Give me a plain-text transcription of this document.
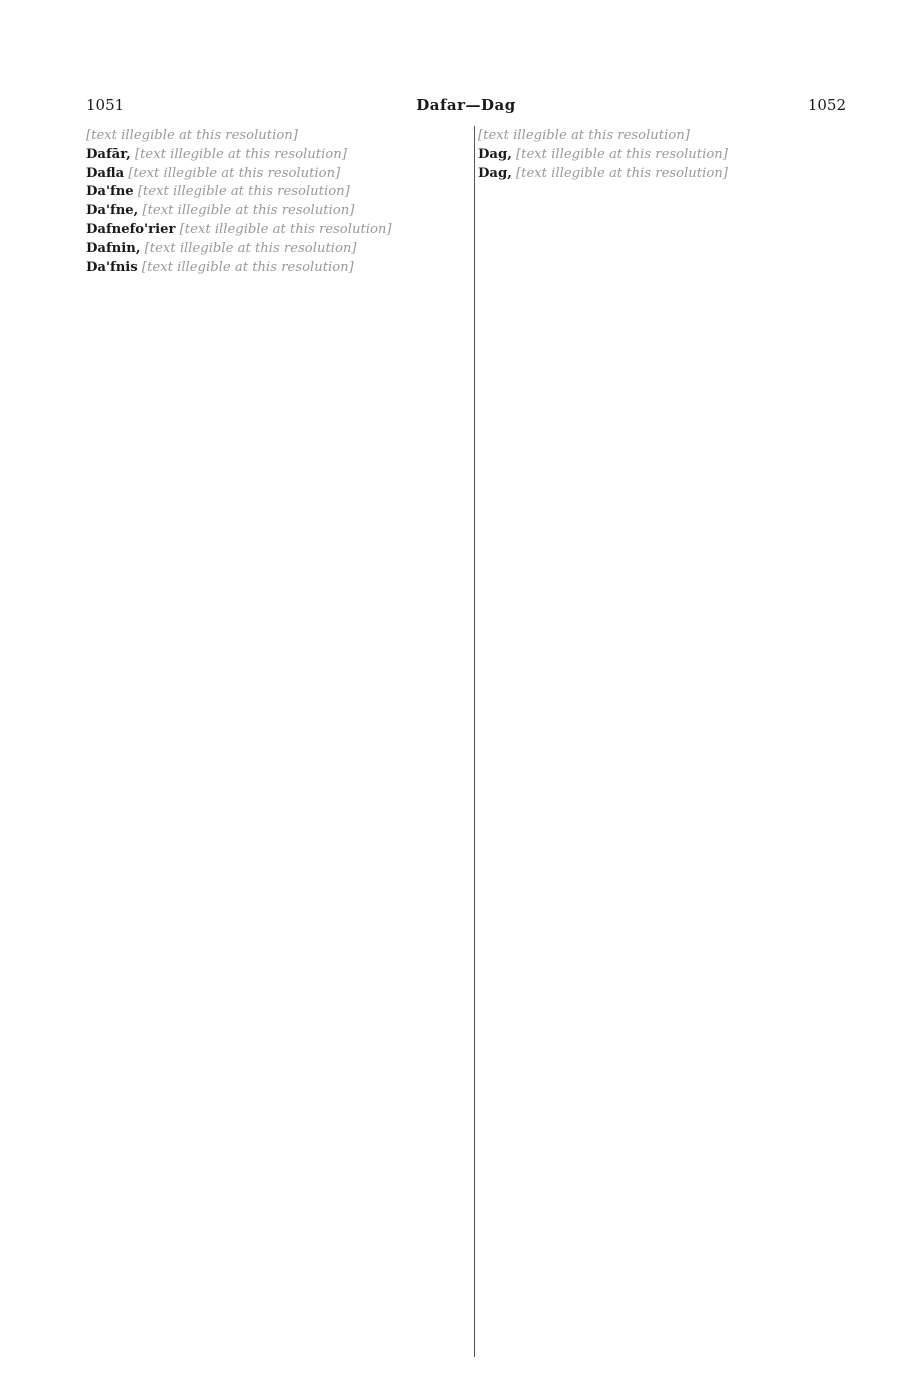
1051	Dafar—Dag	1052

[text illegible at this resolution]

Dafār, [text illegible at this resolution]

Dafla [text illegible at this resolution]

Da'fne [text illegible at this resolution]

Da'fne, [text illegible at this resolution]

Dafnefo'rier [text illegible at this resolution]

Dafnin, [text illegible at this resolution]

Da'fnis [text illegible at this resolution]

[text illegible at this resolution]

Dag, [text illegible at this resolution]

Dag, [text illegible at this resolution]
